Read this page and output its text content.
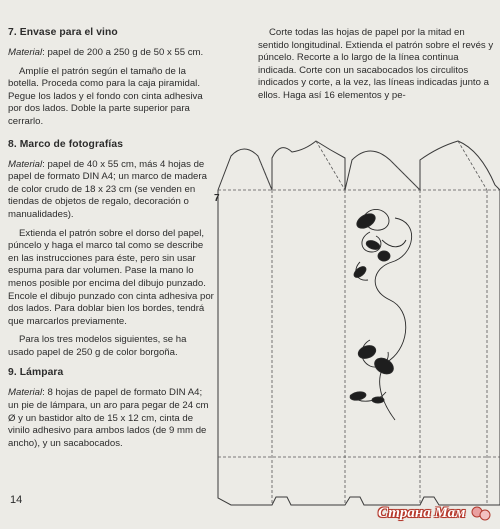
7. Envase para el vino

Material: papel de 200 a 250 g de 50 x 55 cm.

Amplíe el patrón según el tamaño de la botella. Proceda como para la caja piramidal. Pegue los lados y el fondo con cinta adhesiva por dos lados. Doble la parte superior para cerrarlo.

8. Marco de fotografías

Material: papel de 40 x 55 cm, más 4 hojas de papel de formato DIN A4; un marco de madera de color crudo de 18 x 23 cm (se venden en tiendas de objetos de regalo, decoración o manualidades).

Extienda el patrón sobre el dorso del papel, púncelo y haga el marco tal como se describe en las instrucciones para éste, pero sin usar espuma para dar volumen. Pase la mano lo menos posible por encima del dibujo punzado. Encole el dibujo punzado con cinta adhesiva por dos lados. Para doblar bien los bordes, tendrá que marcarlos previamente.

Para los tres modelos siguientes, se ha usado papel de 250 g de color borgoña.

9. Lámpara

Material: 8 hojas de papel de formato DIN A4; un pie de lámpara, un aro para pegar de 24 cm Ø y un bastidor alto de 15 x 12 cm, cinta de vinilo adhesivo para ambos lados (de 9 mm de ancho), y un sacabocados.

Corte todas las hojas de papel por la mitad en sentido longitudinal. Extienda el patrón sobre el revés y púncelo. Recorte a lo largo de la línea continua indicada. Corte con un sacabocados los circulitos indicados y corte, a la vez, las líneas indicadas junto a ellos. Haga así 16 elementos y pe-

7
14
Страна Мам
